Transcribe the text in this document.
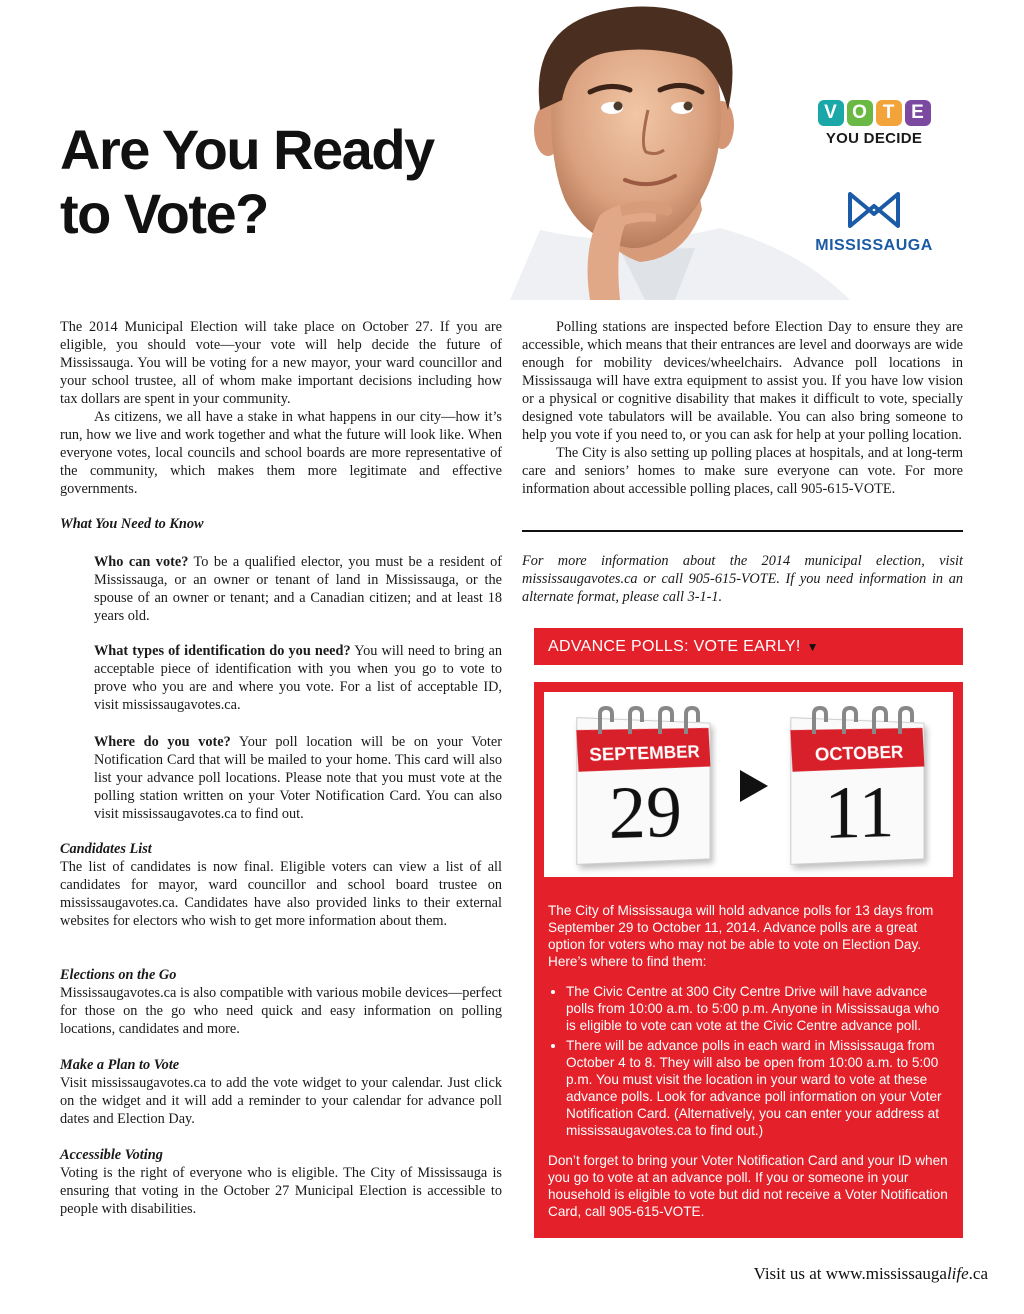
Are You Ready
to Vote?
V O T E
YOU DECIDE
MISSISSAUGA

The 2014 Municipal Election will take place on October 27. If you are eligible, you should vote—your vote will help decide the future of Mississauga. You will be voting for a new mayor, your ward councillor and your school trustee, all of whom make important decisions including how tax dollars are spent in your community.

As citizens, we all have a stake in what happens in our city—how it’s run, how we live and work together and what the future will look like. When everyone votes, local councils and school boards are more representative of the community, which makes them more legitimate and effective governments.

What You Need to Know

Who can vote? To be a qualified elector, you must be a resident of Mississauga, or an owner or tenant of land in Mississauga, or the spouse of an owner or tenant; and a Canadian citizen; and at least 18 years old.

What types of identification do you need? You will need to bring an acceptable piece of identification with you when you go to vote to prove who you are and where you vote. For a list of acceptable ID, visit mississaugavotes.ca.

Where do you vote? Your poll location will be on your Voter Notification Card that will be mailed to your home. This card will also list your advance poll locations. Please note that you must vote at the polling station written on your Voter Notification Card. You can also visit mississaugavotes.ca to find out.

Candidates List

The list of candidates is now final. Eligible voters can view a list of all candidates for mayor, ward councillor and school board trustee on mississaugavotes.ca. Candidates have also provided links to their external websites for electors who wish to get more information about them.

Elections on the Go

Mississaugavotes.ca is also compatible with various mobile devices—perfect for those on the go who need quick and easy information on polling locations, candidates and more.

Make a Plan to Vote

Visit mississaugavotes.ca to add the vote widget to your calendar. Just click on the widget and it will add a reminder to your calendar for advance poll dates and Election Day.

Accessible Voting

Voting is the right of everyone who is eligible. The City of Mississauga is ensuring that voting in the October 27 Municipal Election is accessible to people with disabilities.

Polling stations are inspected before Election Day to ensure they are accessible, which means that their entrances are level and doorways are wide enough for mobility devices/wheelchairs. Advance poll locations in Mississauga will have extra equipment to assist you. If you have low vision or a physical or cognitive disability that makes it difficult to vote, specially designed vote tabulators will be available. You can also bring someone to help you vote if you need to, or you can ask for help at your polling location.

The City is also setting up polling places at hospitals, and at long-term care and seniors’ homes to make sure everyone can vote. For more information about accessible polling places, call 905-615-VOTE.

For more information about the 2014 municipal election, visit mississaugavotes.ca or call 905-615-VOTE. If you need information in an alternate format, please call 3-1-1.

ADVANCE POLLS: VOTE EARLY! ▼
SEPTEMBER
29
OCTOBER
11

The City of Mississauga will hold advance polls for 13 days from September 29 to October 11, 2014. Advance polls are a great option for voters who may not be able to vote on Election Day. Here’s where to find them:

• The Civic Centre at 300 City Centre Drive will have advance polls from 10:00 a.m. to 5:00 p.m. Anyone in Mississauga who is eligible to vote can vote at the Civic Centre advance poll.
• There will be advance polls in each ward in Mississauga from October 4 to 8. They will also be open from 10:00 a.m. to 5:00 p.m. You must visit the location in your ward to vote at these advance polls. Look for advance poll information on your Voter Notification Card. (Alternatively, you can enter your address at mississaugavotes.ca to find out.)

Don’t forget to bring your Voter Notification Card and your ID when you go to vote at an advance poll. If you or someone in your household is eligible to vote but did not receive a Voter Notification Card, call 905-615-VOTE.

Visit us at www.mississaugalife.ca
